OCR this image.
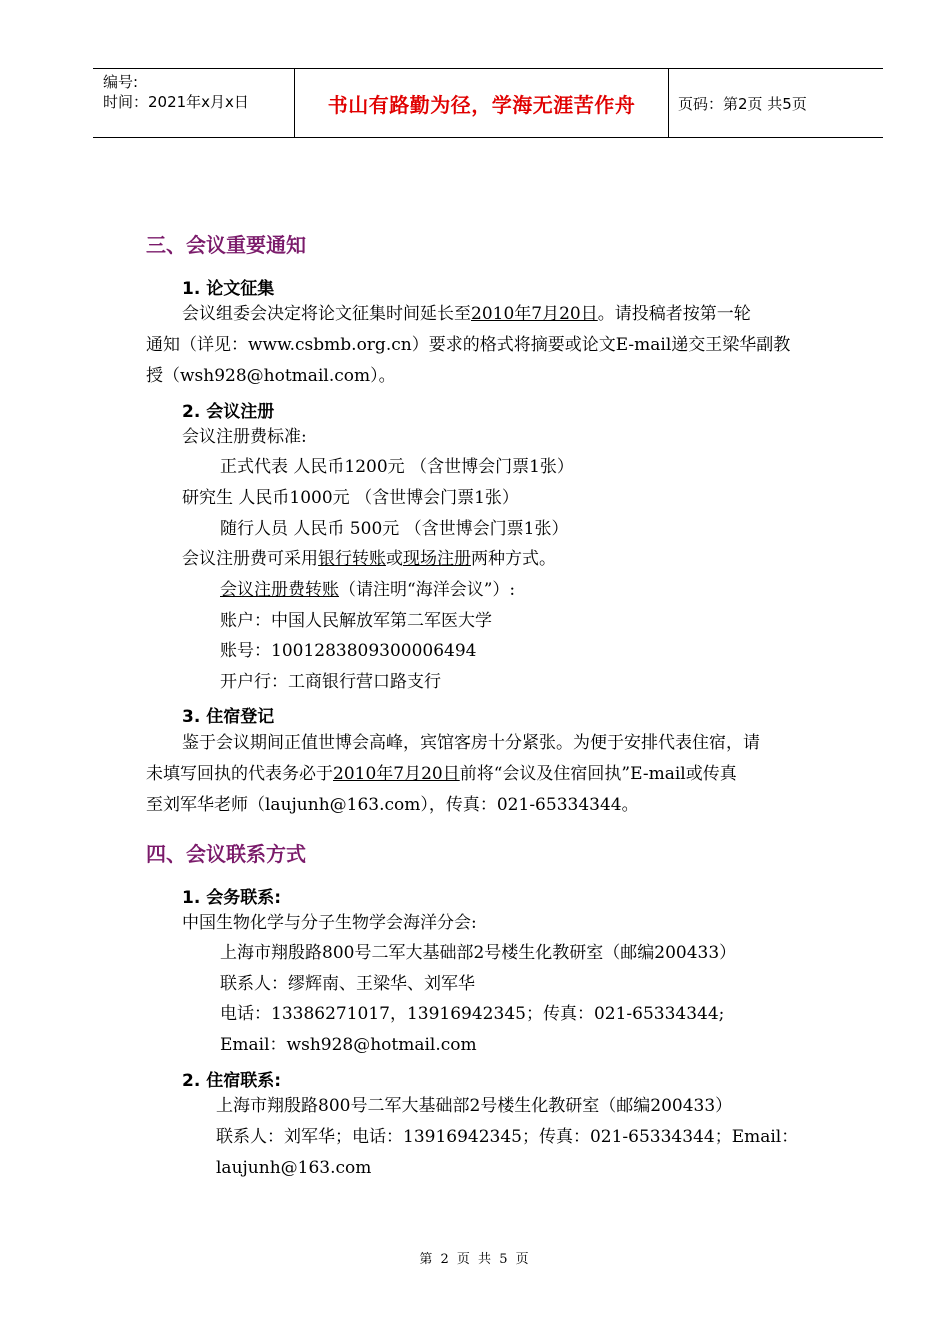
编号:
时间：2021年x月x日	书山有路勤为径，学海无涯苦作舟	页码：第2页 共5页
三、会议重要通知
1. 论文征集
会议组委会决定将论文征集时间延长至2010年7月20日。请投稿者按第一轮
通知（详见：www.csbmb.org.cn）要求的格式将摘要或论文E-mail递交王梁华副教
授（wsh928@hotmail.com）。
2. 会议注册
会议注册费标准:
正式代表 人民币1200元 （含世博会门票1张）
研究生 人民币1000元 （含世博会门票1张）
随行人员 人民币 500元 （含世博会门票1张）
会议注册费可采用银行转账或现场注册两种方式。
会议注册费转账（请注明“海洋会议”）:
账户：中国人民解放军第二军医大学
账号：1001283809300006494
开户行：工商银行营口路支行
3. 住宿登记
鉴于会议期间正值世博会高峰，宾馆客房十分紧张。为便于安排代表住宿，请
未填写回执的代表务必于2010年7月20日前将“会议及住宿回执”E-mail或传真
至刘军华老师（laujunh@163.com），传真：021-65334344。
四、会议联系方式
1. 会务联系:
中国生物化学与分子生物学会海洋分会:
上海市翔殷路800号二军大基础部2号楼生化教研室（邮编200433）
联系人：缪辉南、王梁华、刘军华
电话：13386271017，13916942345；传真：021-65334344;
Email：wsh928@hotmail.com
2. 住宿联系:
上海市翔殷路800号二军大基础部2号楼生化教研室（邮编200433）
联系人：刘军华；电话：13916942345；传真：021-65334344；Email：
laujunh@163.com
第 2 页 共 5 页
